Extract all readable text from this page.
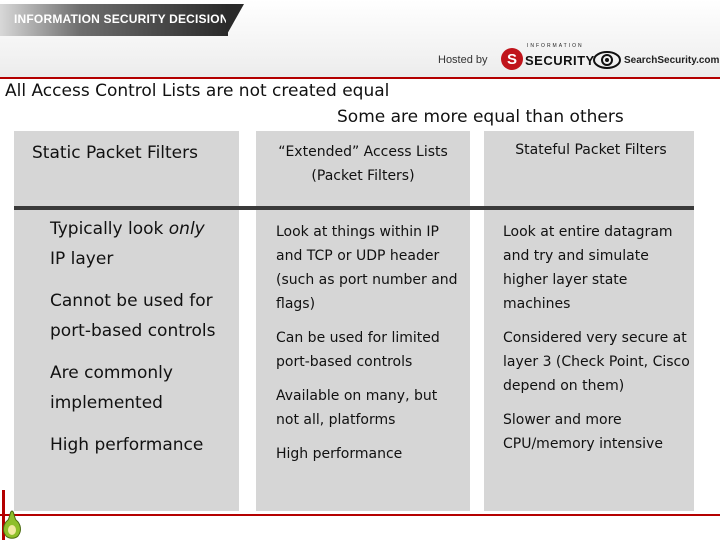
INFORMATION SECURITY DECISIONS
Hosted by	S
INFORMATION
SECURITY	SearchSecurity.com
All Access Control Lists are not created equal
Some are more equal than others
Static Packet Filters

Typically look only
IP layer

Cannot be used for port-based controls

Are commonly implemented

High performance

“Extended” Access Lists (Packet Filters)

Look at things within IP and TCP or UDP header (such as port number and flags)

Can be used for limited port-based controls

Available on many, but not all, platforms

High performance

Stateful Packet Filters

Look at entire datagram and try and simulate higher layer state machines

Considered very secure at layer 3 (Check Point, Cisco depend on them)

Slower and more CPU/memory intensive
